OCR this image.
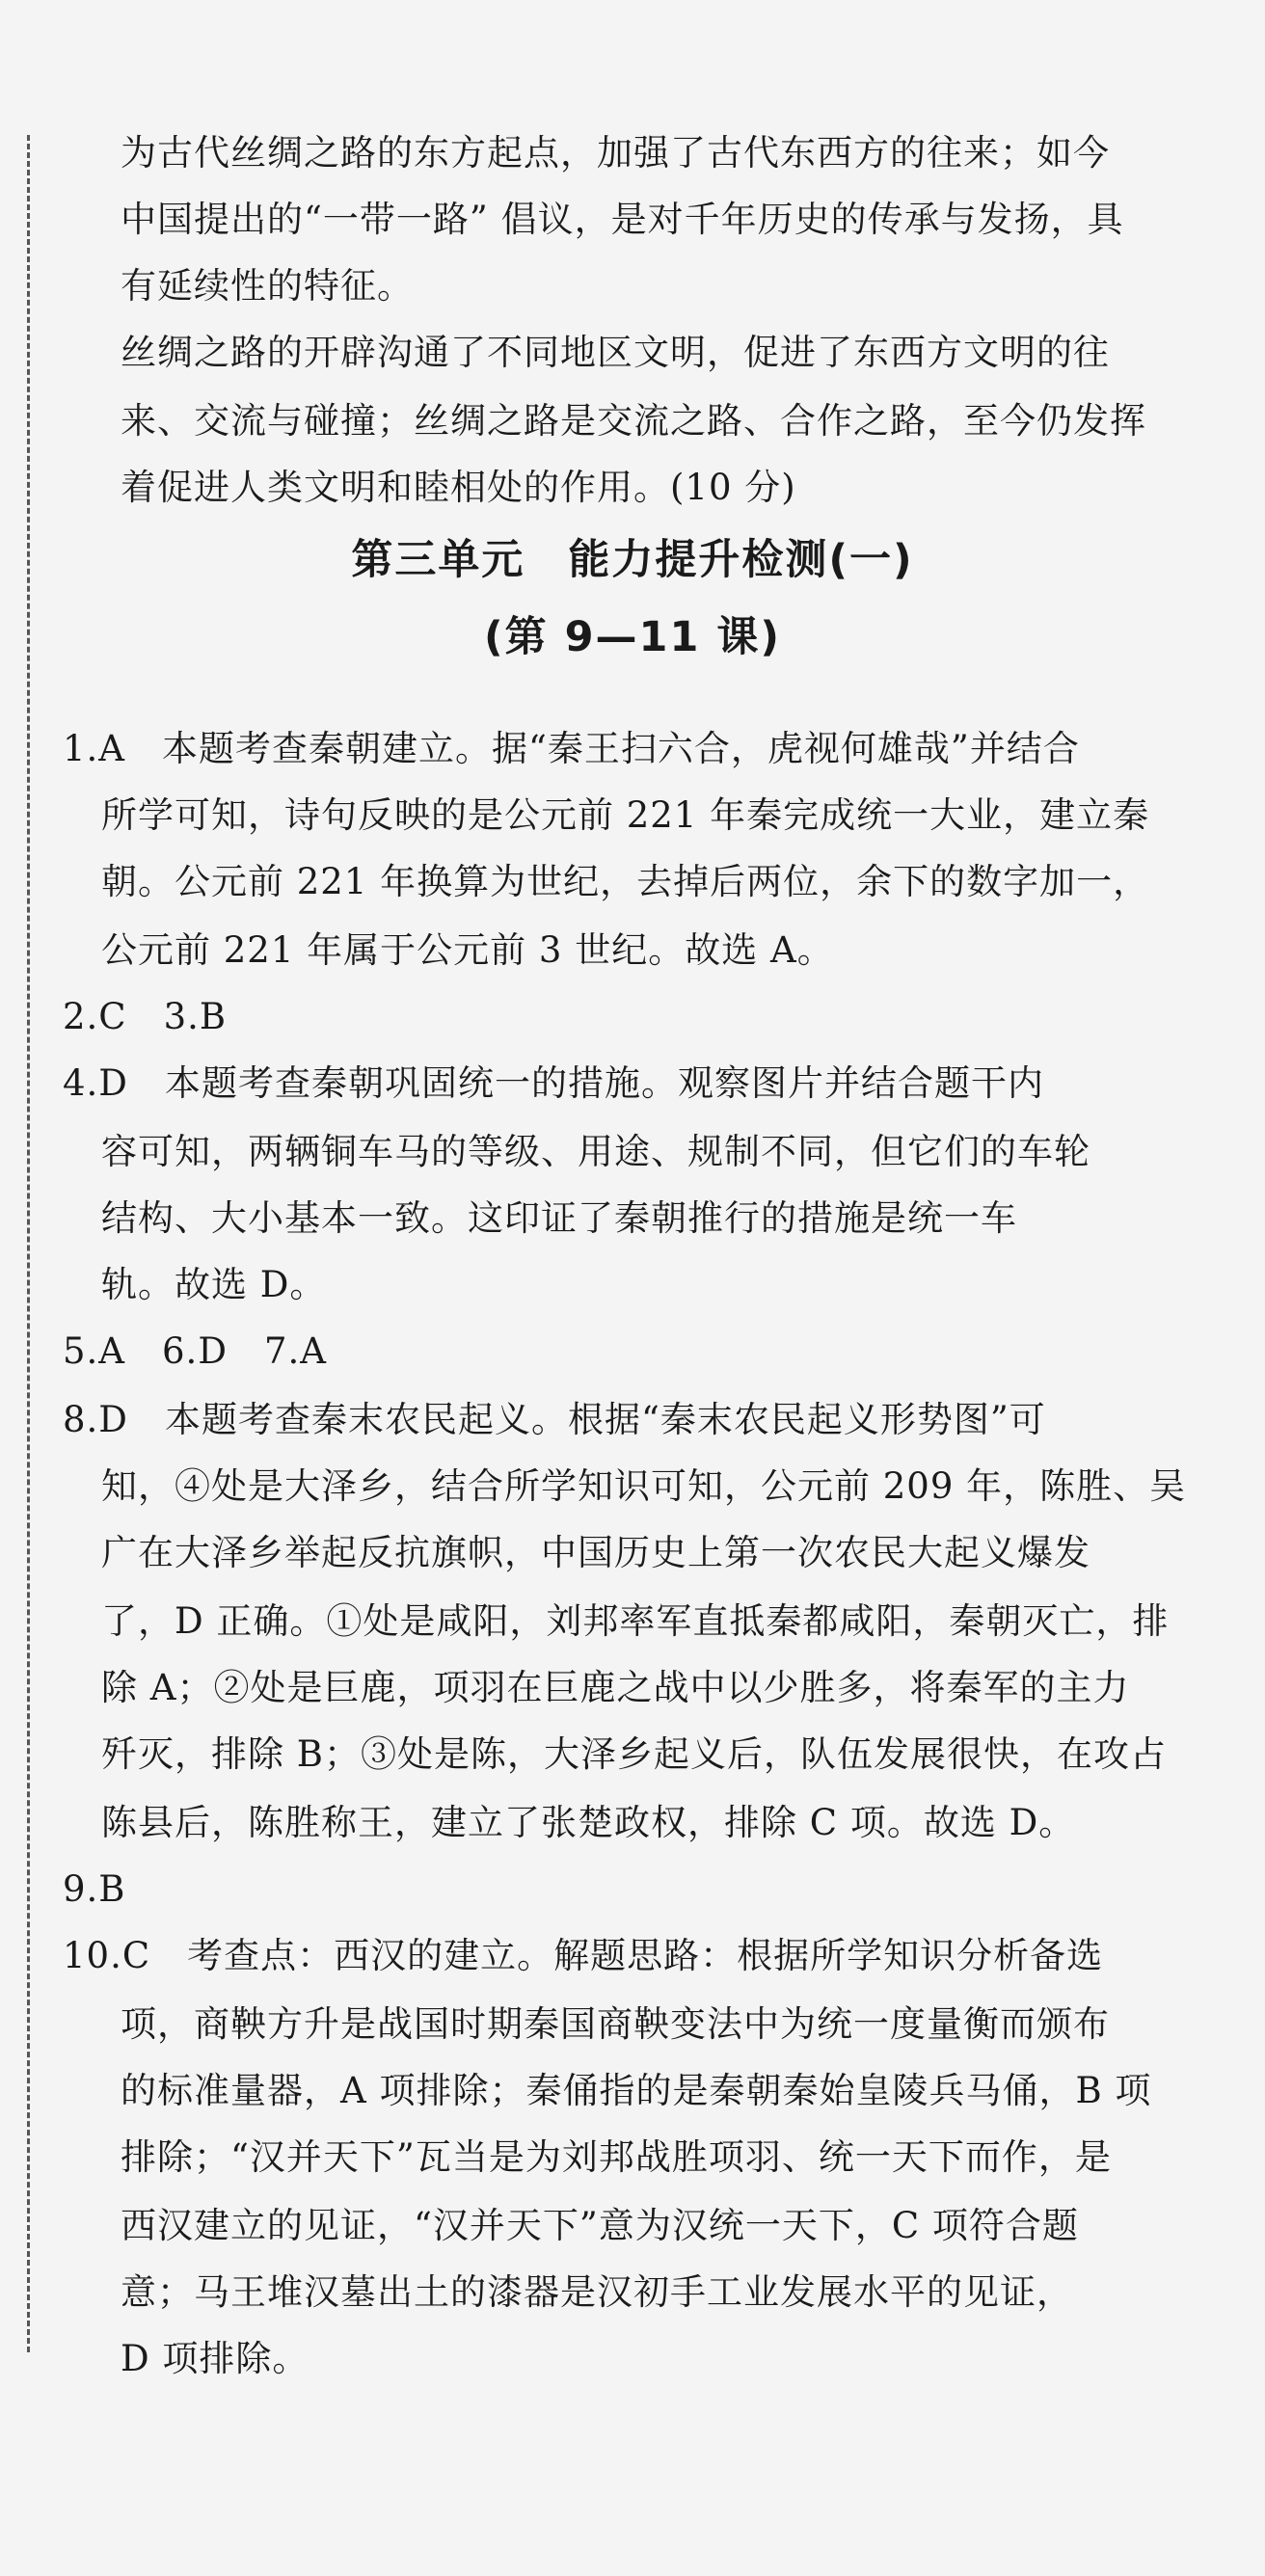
为古代丝绸之路的东方起点，加强了古代东西方的往来；如今
中国提出的“一带一路” 倡议，是对千年历史的传承与发扬，具
有延续性的特征。
丝绸之路的开辟沟通了不同地区文明，促进了东西方文明的往
来、交流与碰撞；丝绸之路是交流之路、合作之路，至今仍发挥
着促进人类文明和睦相处的作用。(10 分)
第三单元　能力提升检测(一)
(第 9—11 课)
1.A　本题考查秦朝建立。据“秦王扫六合，虎视何雄哉”并结合
所学可知，诗句反映的是公元前 221 年秦完成统一大业，建立秦
朝。公元前 221 年换算为世纪，去掉后两位，余下的数字加一，
公元前 221 年属于公元前 3 世纪。故选 A。
2.C　3.B
4.D　本题考查秦朝巩固统一的措施。观察图片并结合题干内
容可知，两辆铜车马的等级、用途、规制不同，但它们的车轮
结构、大小基本一致。这印证了秦朝推行的措施是统一车
轨。故选 D。
5.A　6.D　7.A
8.D　本题考查秦末农民起义。根据“秦末农民起义形势图”可
知，④处是大泽乡，结合所学知识可知，公元前 209 年，陈胜、吴
广在大泽乡举起反抗旗帜，中国历史上第一次农民大起义爆发
了，D 正确。①处是咸阳，刘邦率军直抵秦都咸阳，秦朝灭亡，排
除 A；②处是巨鹿，项羽在巨鹿之战中以少胜多，将秦军的主力
歼灭，排除 B；③处是陈，大泽乡起义后，队伍发展很快，在攻占
陈县后，陈胜称王，建立了张楚政权，排除 C 项。故选 D。
9.B
10.C　考查点：西汉的建立。解题思路：根据所学知识分析备选
项，商鞅方升是战国时期秦国商鞅变法中为统一度量衡而颁布
的标准量器，A 项排除；秦俑指的是秦朝秦始皇陵兵马俑，B 项
排除；“汉并天下”瓦当是为刘邦战胜项羽、统一天下而作，是
西汉建立的见证，“汉并天下”意为汉统一天下，C 项符合题
意；马王堆汉墓出土的漆器是汉初手工业发展水平的见证，
D 项排除。
